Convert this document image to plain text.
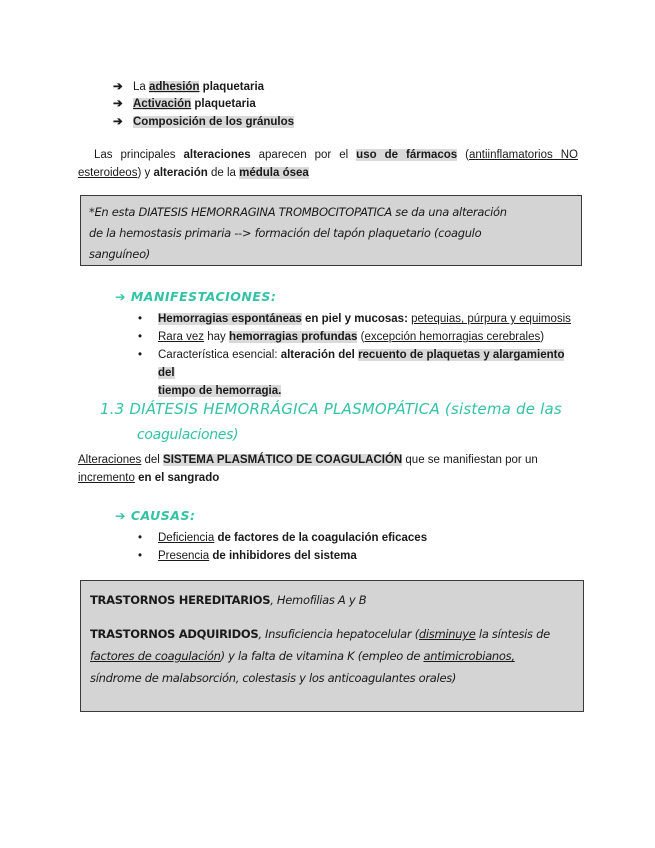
➔ La adhesión plaquetaria
➔ Activación plaquetaria
➔ Composición de los gránulos
Las principales alteraciones aparecen por el uso de fármacos (antiinflamatorios NO esteroideos) y alteración de la médula ósea
*En esta DIATESIS HEMORRAGINA TROMBOCITOPATICA se da una alteración
de la hemostasis primaria --> formación del tapón plaquetario (coagulo
sanguíneo)
➔ MANIFESTACIONES:
•	Hemorragias espontáneas en piel y mucosas: petequias, púrpura y equimosis
•	Rara vez hay hemorragias profundas (excepción hemorragias cerebrales)
•	Característica esencial: alteración del recuento de plaquetas y alargamiento del
tiempo de hemorragia.
1.3 DIÁTESIS HEMORRÁGICA PLASMOPÁTICA (sistema de las
coagulaciones)
Alteraciones del SISTEMA PLASMÁTICO DE COAGULACIÓN que se manifiestan por un
incremento en el sangrado
➔ CAUSAS:
•	Deficiencia de factores de la coagulación eficaces
•	Presencia de inhibidores del sistema
TRASTORNOS HEREDITARIOS, Hemofilias A y B
TRASTORNOS ADQUIRIDOS, Insuficiencia hepatocelular (disminuye la síntesis de
factores de coagulación) y la falta de vitamina K (empleo de antimicrobianos,
síndrome de malabsorción, colestasis y los anticoagulantes orales)
